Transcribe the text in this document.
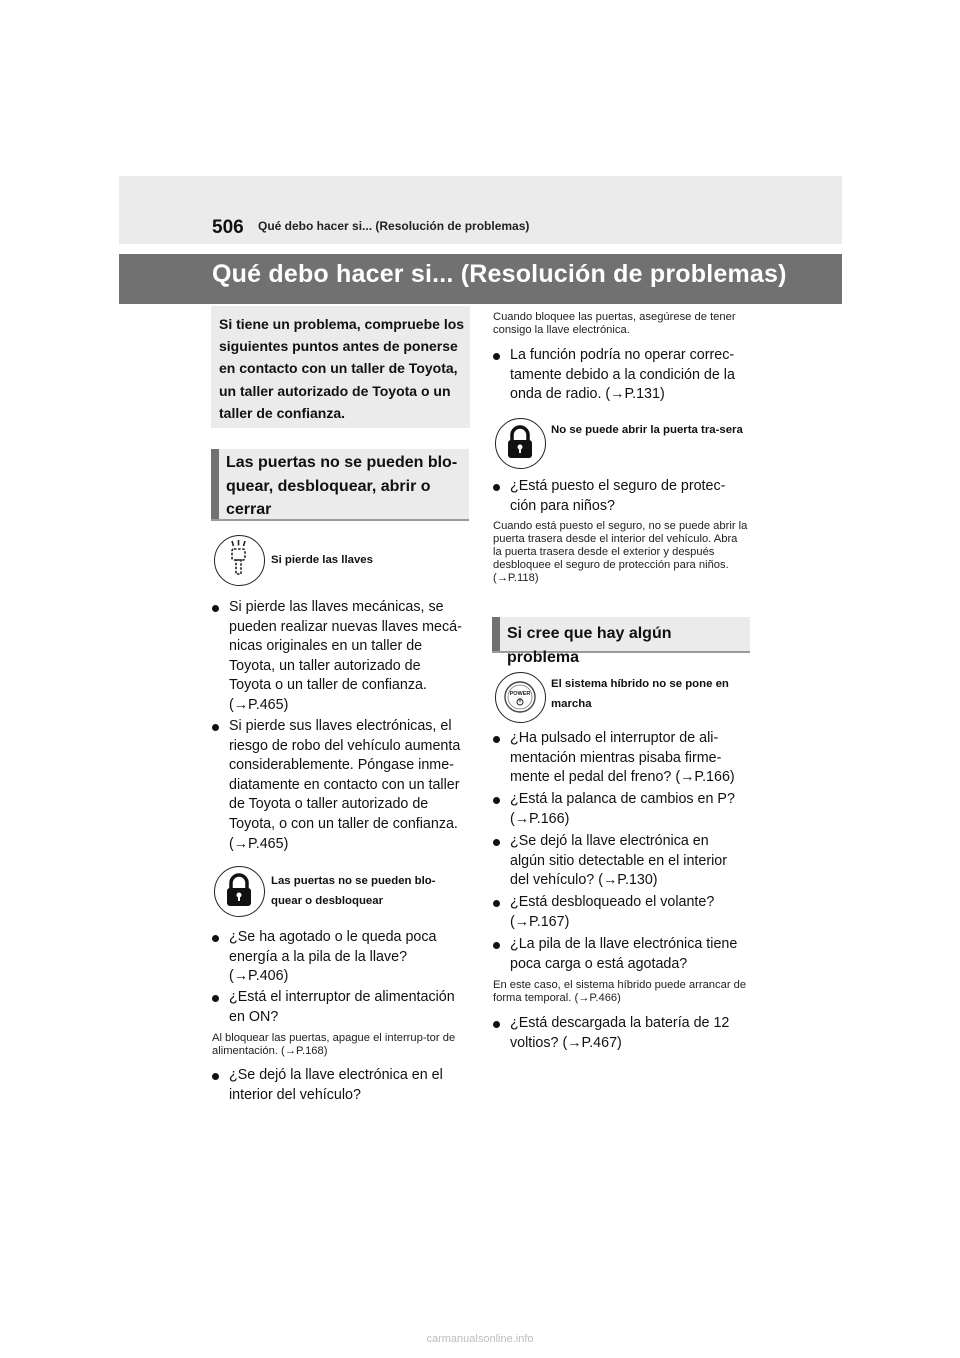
506 Qué debo hacer si... (Resolución de problemas)
Qué debo hacer si... (Resolución de problemas)
Si tiene un problema, compruebe los siguientes puntos antes de ponerse en contacto con un taller de Toyota, un taller autorizado de Toyota o un taller de confianza.
Las puertas no se pueden blo-quear, desbloquear, abrir o cerrar
Si pierde las llaves
Si pierde las llaves mecánicas, se pueden realizar nuevas llaves mecá-nicas originales en un taller de Toyota, un taller autorizado de Toyota o un taller de confianza. (→P.465)
Si pierde sus llaves electrónicas, el riesgo de robo del vehículo aumenta considerablemente. Póngase inme-diatamente en contacto con un taller de Toyota o taller autorizado de Toyota, o con un taller de confianza. (→P.465)
Las puertas no se pueden blo-quear o desbloquear
¿Se ha agotado o le queda poca energía a la pila de la llave? (→P.406)
¿Está el interruptor de alimentación en ON?
Al bloquear las puertas, apague el interrup-tor de alimentación. (→P.168)
¿Se dejó la llave electrónica en el interior del vehículo?
Cuando bloquee las puertas, asegúrese de tener consigo la llave electrónica.
La función podría no operar correc-tamente debido a la condición de la onda de radio. (→P.131)
No se puede abrir la puerta tra-sera
¿Está puesto el seguro de protec-ción para niños?
Cuando está puesto el seguro, no se puede abrir la puerta trasera desde el interior del vehículo. Abra la puerta trasera desde el exterior y después desbloquee el seguro de protección para niños. (→P.118)
Si cree que hay algún problema
POWER
El sistema híbrido no se pone en marcha
¿Ha pulsado el interruptor de ali-mentación mientras pisaba firme-mente el pedal del freno? (→P.166)
¿Está la palanca de cambios en P? (→P.166)
¿Se dejó la llave electrónica en algún sitio detectable en el interior del vehículo? (→P.130)
¿Está desbloqueado el volante? (→P.167)
¿La pila de la llave electrónica tiene poca carga o está agotada?
En este caso, el sistema híbrido puede arrancar de forma temporal. (→P.466)
¿Está descargada la batería de 12 voltios? (→P.467)
carmanualsonline.info
